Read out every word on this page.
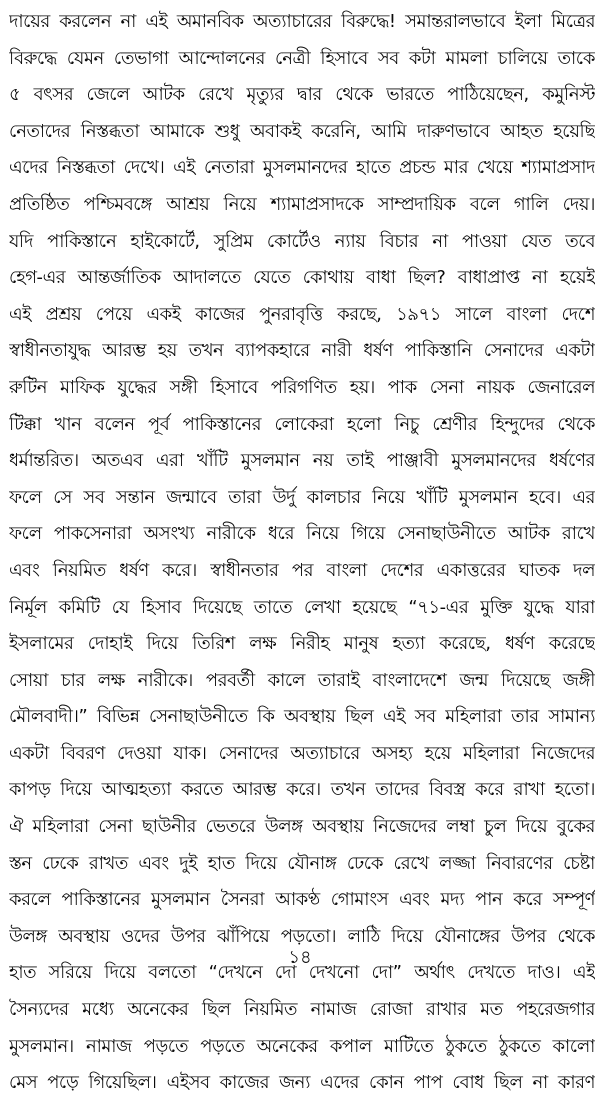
দায়ের করলেন না এই অমানবিক অত্যাচারের বিরুদ্ধে! সমান্তরালভাবে ইলা মিত্রের
বিরুদ্ধে যেমন তেভাগা আন্দোলনের নেত্রী হিসাবে সব কটা মামলা চালিয়ে তাকে
৫ বৎসর জেলে আটক রেখে মৃত্যুর দ্বার থেকে ভারতে পাঠিয়েছেন, কমুনিস্ট
নেতাদের নিস্তব্ধতা আমাকে শুধু অবাকই করেনি, আমি দারুণভাবে আহত হয়েছি
এদের নিস্তব্ধতা দেখে। এই নেতারা মুসলমানদের হাতে প্রচন্ড মার খেয়ে শ্যামাপ্রসাদ
প্রতিষ্ঠিত পশ্চিমবঙ্গে আশ্রয় নিয়ে শ্যামাপ্রসাদকে সাম্প্রদায়িক বলে গালি দেয়।
যদি পাকিস্তানে হাইকোর্টে, সুপ্রিম কোর্টেও ন্যায় বিচার না পাওয়া যেত তবে
হেগ-এর আন্তর্জাতিক আদালতে যেতে কোথায় বাধা ছিল? বাধাপ্রাপ্ত না হয়েই
এই প্রশ্রয় পেয়ে একই কাজের পুনরাবৃত্তি করছে, ১৯৭১ সালে বাংলা দেশে
স্বাধীনতাযুদ্ধ আরম্ভ হয় তখন ব্যাপকহারে নারী ধর্ষণ পাকিস্তানি সেনাদের একটা
রুটিন মাফিক যুদ্ধের সঙ্গী হিসাবে পরিগণিত হয়। পাক সেনা নায়ক জেনারেল
টিক্কা খান বলেন পূর্ব পাকিস্তানের লোকেরা হলো নিচু শ্রেণীর হিন্দুদের থেকে
ধর্মান্তরিত। অতএব এরা খাঁটি মুসলমান নয় তাই পাঞ্জাবী মুসলমানদের ধর্ষণের
ফলে সে সব সন্তান জন্মাবে তারা উর্দু কালচার নিয়ে খাঁটি মুসলমান হবে। এর
ফলে পাকসেনারা অসংখ্য নারীকে ধরে নিয়ে গিয়ে সেনাছাউনীতে আটক রাখে
এবং নিয়মিত ধর্ষণ করে। স্বাধীনতার পর বাংলা দেশের একাত্তরের ঘাতক দল
নির্মূল কমিটি যে হিসাব দিয়েছে তাতে লেখা হয়েছে “৭১-এর মুক্তি যুদ্ধে যারা
ইসলামের দোহাই দিয়ে তিরিশ লক্ষ নিরীহ মানুষ হত্যা করেছে, ধর্ষণ করেছে
সোয়া চার লক্ষ নারীকে। পরবর্তী কালে তারাই বাংলাদেশে জন্ম দিয়েছে জঙ্গী
মৌলবাদী।” বিভিন্ন সেনাছাউনীতে কি অবস্থায় ছিল এই সব মহিলারা তার সামান্য
একটা বিবরণ দেওয়া যাক। সেনাদের অত্যাচারে অসহ্য হয়ে মহিলারা নিজেদের
কাপড় দিয়ে আত্মহত্যা করতে আরম্ভ করে। তখন তাদের বিবস্ত্র করে রাখা হতো।
ঐ মহিলারা সেনা ছাউনীর ভেতরে উলঙ্গ অবস্থায় নিজেদের লম্বা চুল দিয়ে বুকের
স্তন ঢেকে রাখত এবং দুই হাত দিয়ে যৌনাঙ্গ ঢেকে রেখে লজ্জা নিবারণের চেষ্টা
করলে পাকিস্তানের মুসলমান সৈনরা আকণ্ঠ গোমাংস এবং মদ্য পান করে সম্পূর্ণ
উলঙ্গ অবস্থায় ওদের উপর ঝাঁপিয়ে পড়তো। লাঠি দিয়ে যৌনাঙ্গের উপর থেকে
হাত সরিয়ে দিয়ে বলতো “দেখনে দো দেখনো দো” অর্থাৎ দেখতে দাও। এই
সৈন্যদের মধ্যে অনেকের ছিল নিয়মিত নামাজ রোজা রাখার মত পহরেজগার
মুসলমান। নামাজ পড়তে পড়তে অনেকের কপাল মাটিতে ঠুকতে ঠুকতে কালো
মেস পড়ে গিয়েছিল। এইসব কাজের জন্য এদের কোন পাপ বোধ ছিল না কারণ
১৪
